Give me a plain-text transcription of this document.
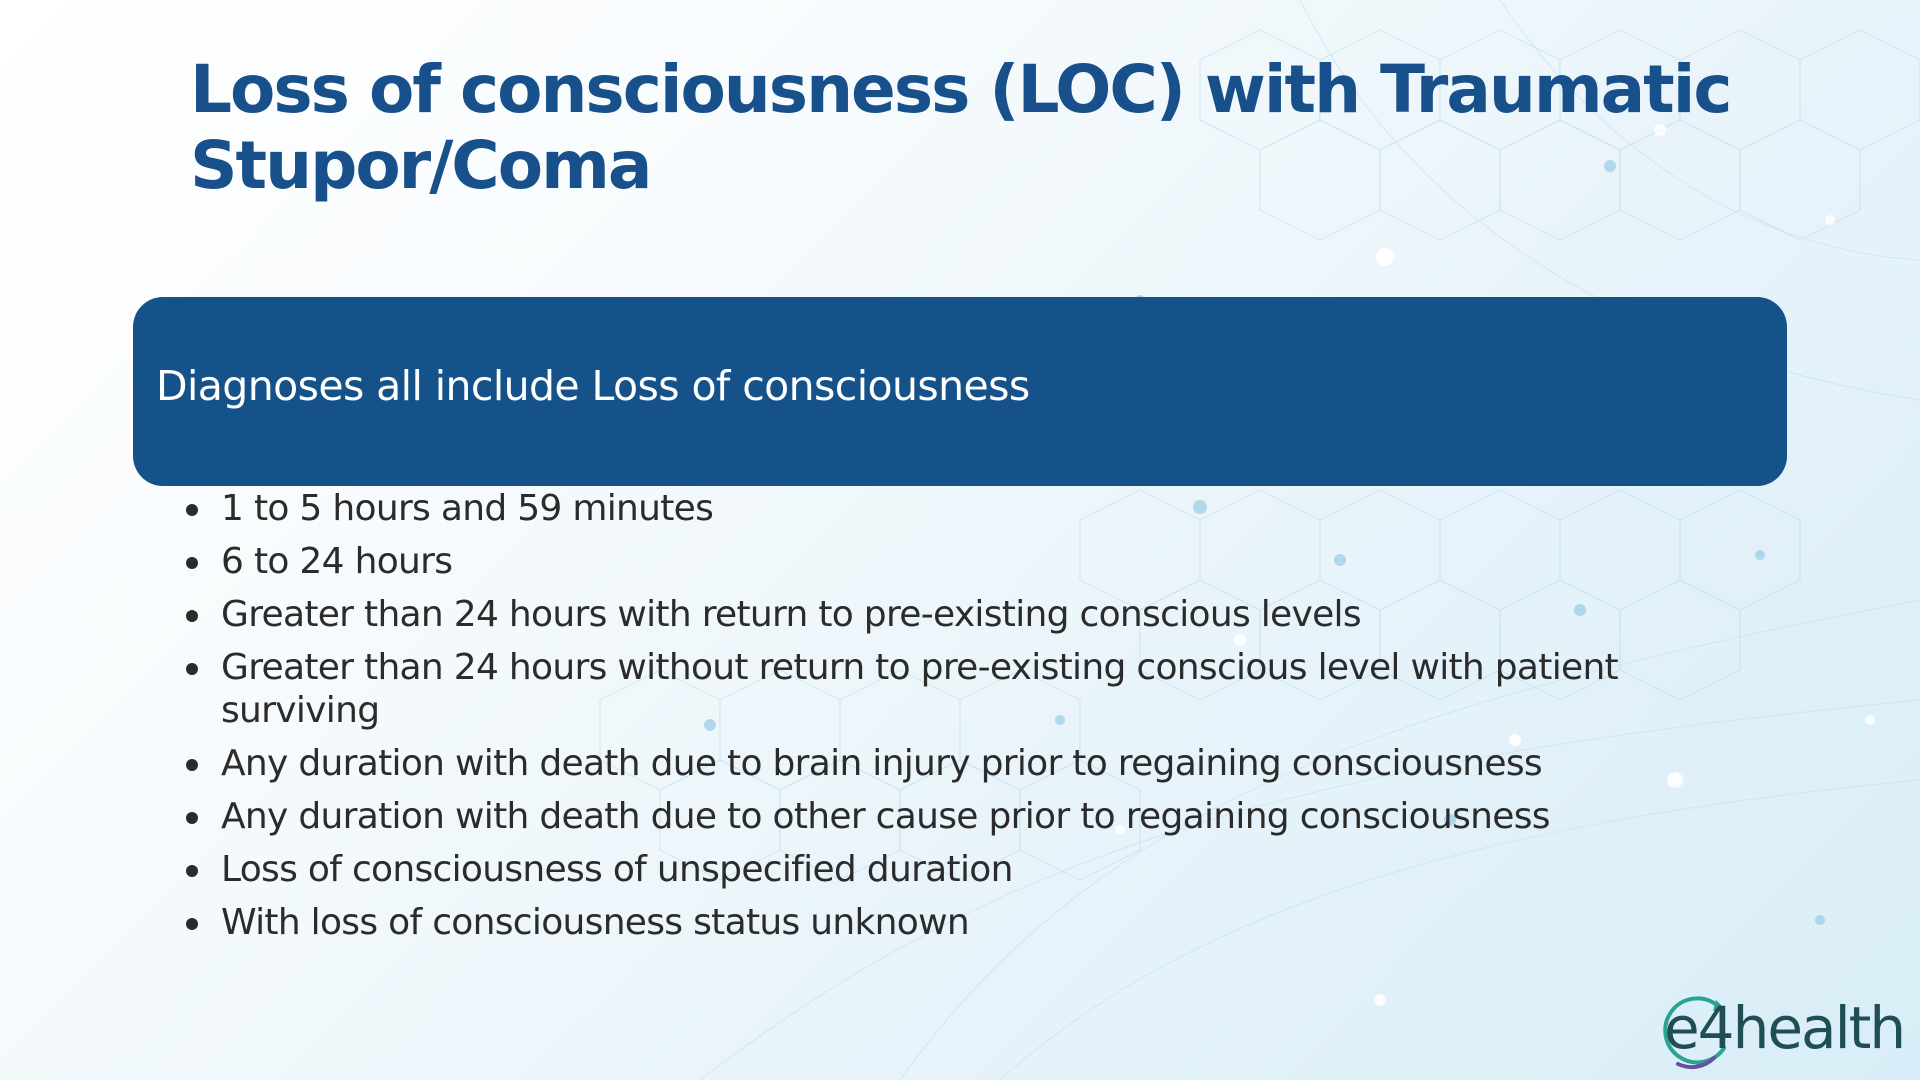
Loss of consciousness (LOC) with Traumatic Stupor/Coma
Diagnoses all include Loss of consciousness
1 to 5 hours and 59 minutes
6 to 24 hours
Greater than 24 hours with return to pre-existing conscious levels
Greater than 24 hours without return to pre-existing conscious level with patient surviving
Any duration with death due to brain injury prior to regaining consciousness
Any duration with death due to other cause prior to regaining consciousness
Loss of consciousness of unspecified duration
With loss of consciousness status unknown
e4health
